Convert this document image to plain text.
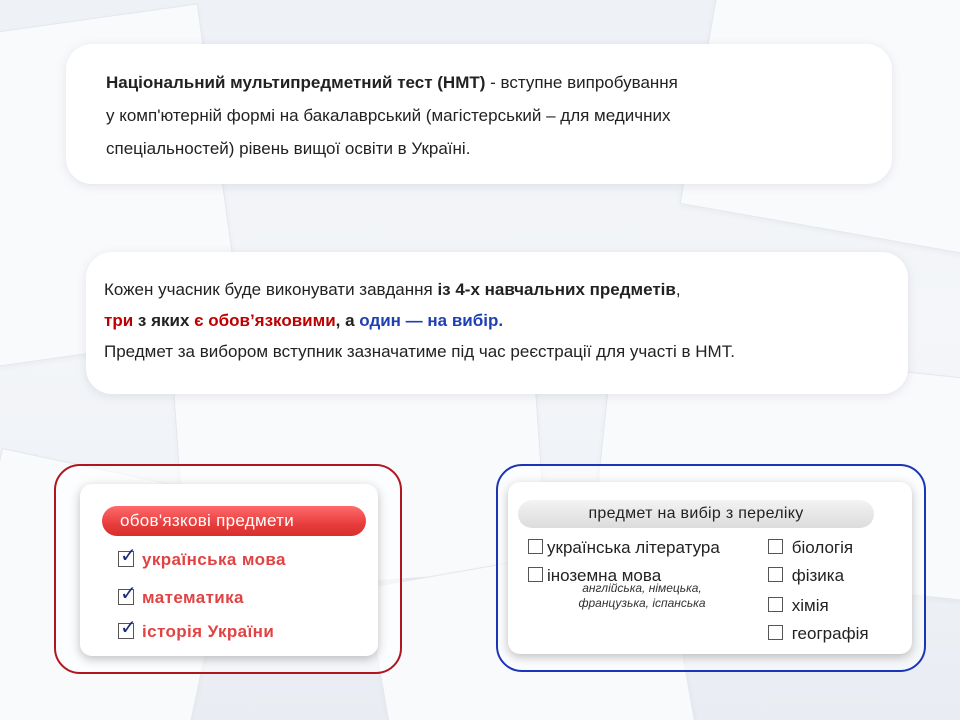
Національний мультипредметний тест (НМТ) - вступне випробування
у комп'ютерній формі на бакалаврський (магістерський – для медичних
спеціальностей) рівень вищої освіти в Україні.
Кожен учасник буде виконувати завдання із 4-х навчальних предметів,
три з яких є обов’язковими, а один — на вибір.
Предмет за вибором вступник зазначатиме під час реєстрації для участі в НМТ.
обов'язкові предмети
✓ українська мова
✓ математика
✓ історія України
предмет на вибір з переліку
українська література
іноземна мова
англійська, німецька, французька, іспанська
біологія
фізика
хімія
географія
